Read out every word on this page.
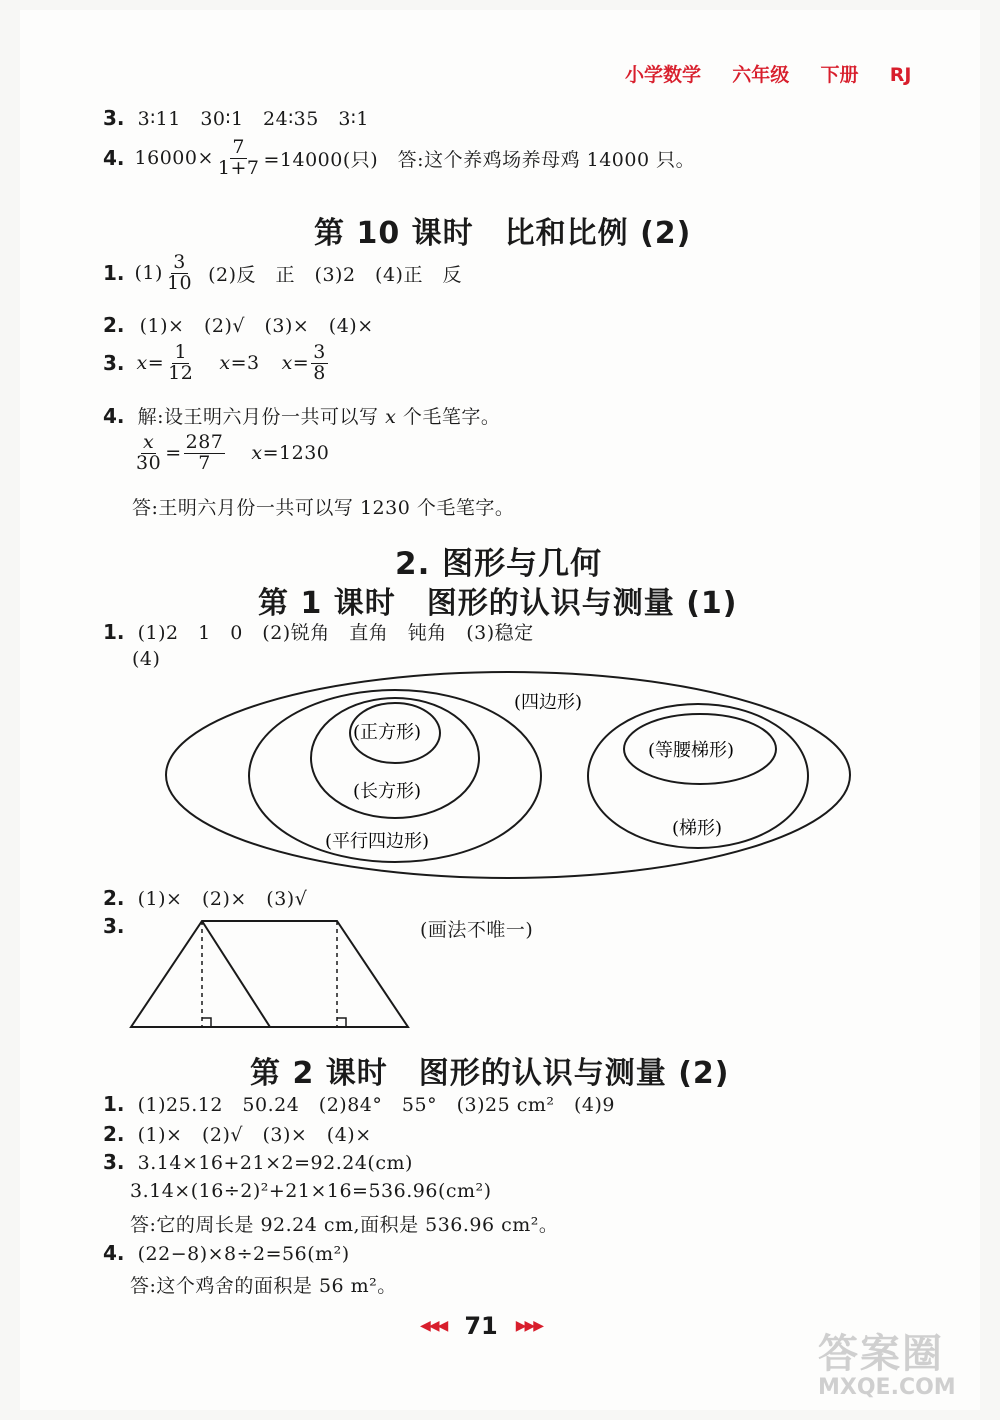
小学数学 六年级 下册 RJ
3. 3∶11　30∶1　24∶35　3∶1
4. $16000\times \frac{7}{1+7} =14000$(只)　答:这个养鸡场养母鸡 14000 只。
第 10 课时　比和比例 (2)
1. $(1) \frac{3}{10} (2)$反　正　(3)2　(4)正　反
2. (1)×　(2)√　(3)×　(4)×
3. $x = \frac{1}{12}$ x =3 $x = \frac{3}{8}$
4. 解:设王明六月份一共可以写 x 个毛笔字。
$\frac{x}{30} = \frac{287}{7}$ x =1230
答:王明六月份一共可以写 1230 个毛笔字。
2. 图形与几何
第 1 课时　图形的认识与测量 (1)
1. (1)2　1　0　(2)锐角　直角　钝角　(3)稳定
(4)
(四边形)
(正方形)
(长方形)
(平行四边形)
(等腰梯形)
(梯形)
2. (1)×　(2)×　(3)√
3.	(画法不唯一)
第 2 课时　图形的认识与测量 (2)
1. (1)25.12　50.24　(2)84°　55°　(3)25 cm²　(4)9
2. (1)×　(2)√　(3)×　(4)×
3. 3.14×16+21×2=92.24(cm)
3.14×(16÷2)²+21×16=536.96(cm²)
答:它的周长是 92.24 cm,面积是 536.96 cm²。
4. (22−8)×8÷2=56(m²)
答:这个鸡舍的面积是 56 m²。
◀◀◀ 71 ▶▶▶
答案圈
MXQE.COM
